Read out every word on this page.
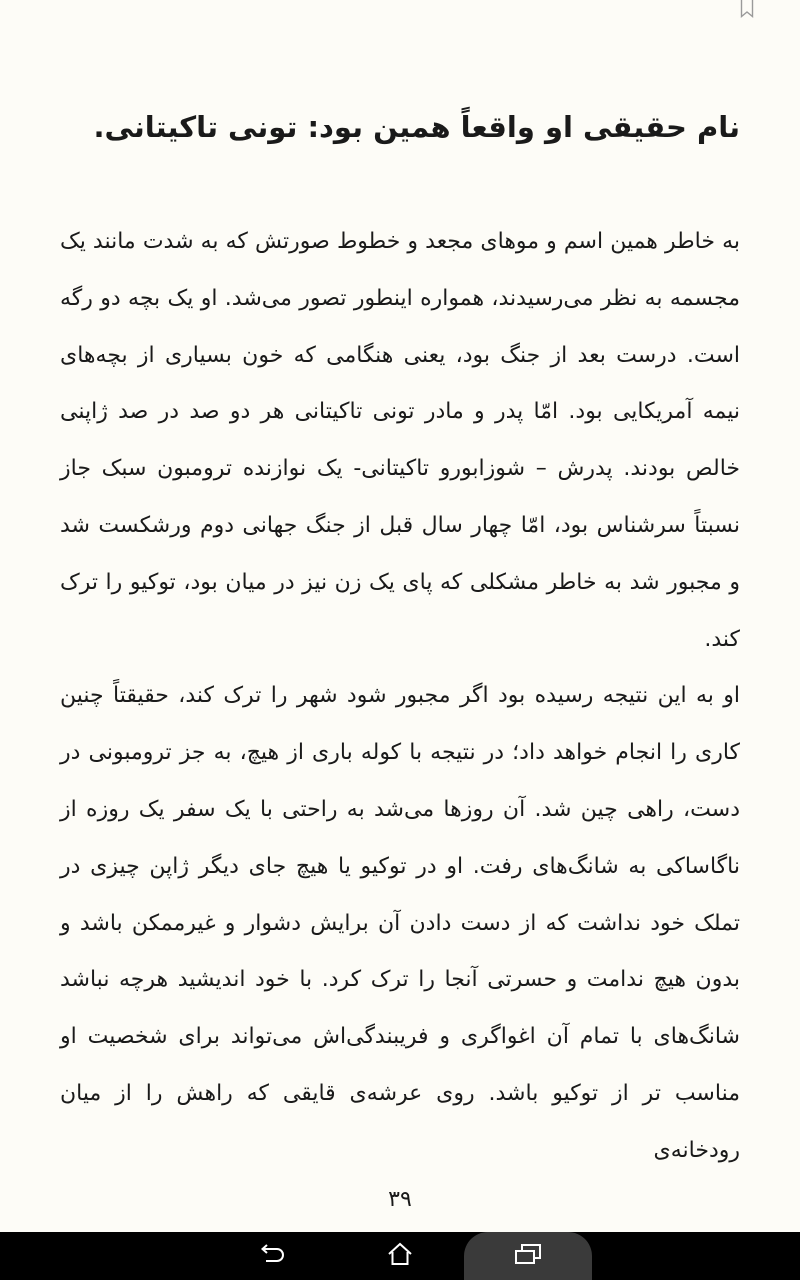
نام حقیقی او واقعاً همین بود: تونی تاکیتانی.

به خاطر همین اسم و موهای مجعد و خطوط صورتش که به شدت مانند یک مجسمه به نظر می‌رسیدند، همواره اینطور تصور می‌شد. او یک بچه دو رگه است. درست بعد از جنگ بود، یعنی هنگامی که خون بسیاری از بچه‌های نیمه آمریکایی بود. امّا پدر و مادر تونی تاکیتانی هر دو صد در صد ژاپنی خالص بودند. پدرش – شوزابورو تاکیتانی- یک نوازنده ترومبون سبک جاز نسبتاً سرشناس بود، امّا چهار سال قبل از جنگ جهانی دوم ورشکست شد و مجبور شد به خاطر مشکلی که پای یک زن نیز در میان بود، توکیو را ترک کند.

او به این نتیجه رسیده بود اگر مجبور شود شهر را ترک کند، حقیقتاً چنین کاری را انجام خواهد داد؛ در نتیجه با کوله باری از هیچ، به جز ترومبونی در دست، راهی چین شد. آن روزها می‌شد به راحتی با یک سفر یک روزه از ناگاساکی به شانگ‌های رفت. او در توکیو یا هیچ جای دیگر ژاپن چیزی در تملک خود نداشت که از دست دادن آن برایش دشوار و غیرممکن باشد و بدون هیچ ندامت و حسرتی آنجا را ترک کرد. با خود اندیشید هرچه نباشد شانگ‌های با تمام آن اغواگری و فریبندگی‌اش می‌تواند برای شخصیت او مناسب تر از توکیو باشد. روی عرشه‌ی قایقی که راهش را از میان رودخانه‌ی

۳۹
